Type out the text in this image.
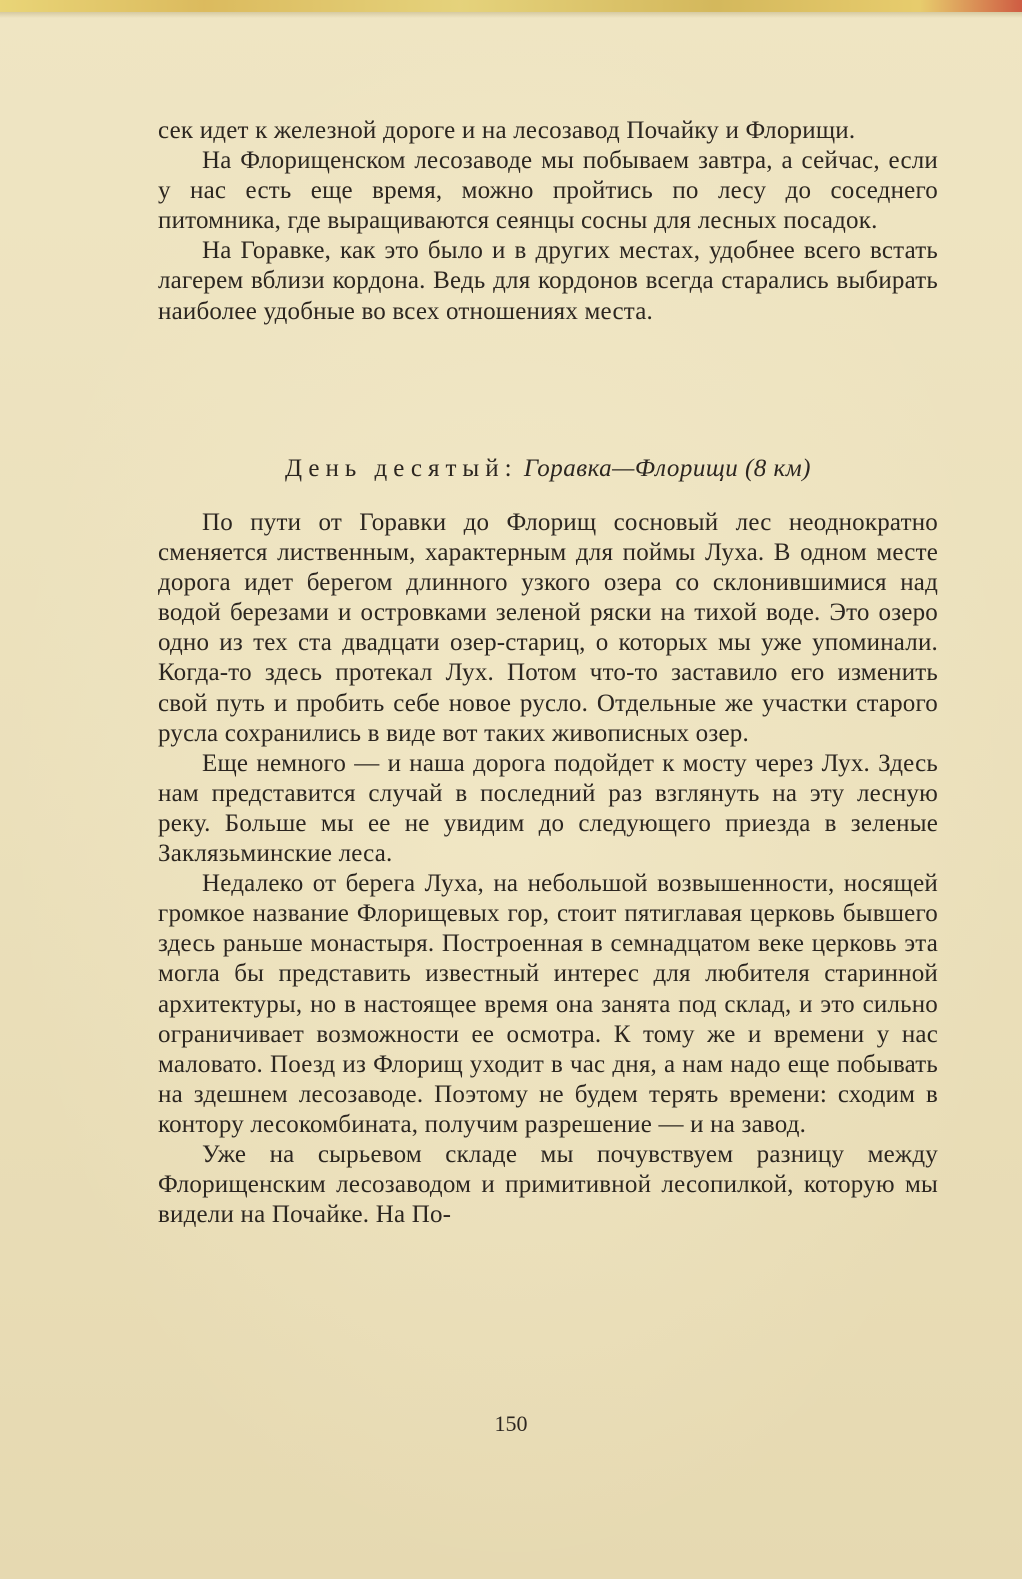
сек идет к железной дороге и на лесозавод Почайку и Флорищи.

На Флорищенском лесозаводе мы побываем завтра, а сейчас, если у нас есть еще время, можно пройтись по лесу до соседнего питомника, где выращиваются сеянцы сосны для лесных посадок.

На Горавке, как это было и в других местах, удобнее всего встать лагерем вблизи кордона. Ведь для кордонов всегда старались выбирать наиболее удобные во всех отношениях места.

День десятый: Горавка—Флорищи (8 км)

По пути от Горавки до Флорищ сосновый лес неоднократно сменяется лиственным, характерным для поймы Луха. В одном месте дорога идет берегом длинного узкого озера со склонившимися над водой березами и островками зеленой ряски на тихой воде. Это озеро одно из тех ста двадцати озер-стариц, о которых мы уже упоминали. Когда-то здесь протекал Лух. Потом что-то заставило его изменить свой путь и пробить себе новое русло. Отдельные же участки старого русла сохранились в виде вот таких живописных озер.

Еще немного — и наша дорога подойдет к мосту через Лух. Здесь нам представится случай в последний раз взглянуть на эту лесную реку. Больше мы ее не увидим до следующего приезда в зеленые Заклязьминские леса.

Недалеко от берега Луха, на небольшой возвышенности, носящей громкое название Флорищевых гор, стоит пятиглавая церковь бывшего здесь раньше монастыря. Построенная в семнадцатом веке церковь эта могла бы представить известный интерес для любителя старинной архитектуры, но в настоящее время она занята под склад, и это сильно ограничивает возможности ее осмотра. К тому же и времени у нас маловато. Поезд из Флорищ уходит в час дня, а нам надо еще побывать на здешнем лесозаводе. Поэтому не будем терять времени: сходим в контору лесокомбината, получим разрешение — и на завод.

Уже на сырьевом складе мы почувствуем разницу между Флорищенским лесозаводом и примитивной лесопилкой, которую мы видели на Почайке. На По-

150
